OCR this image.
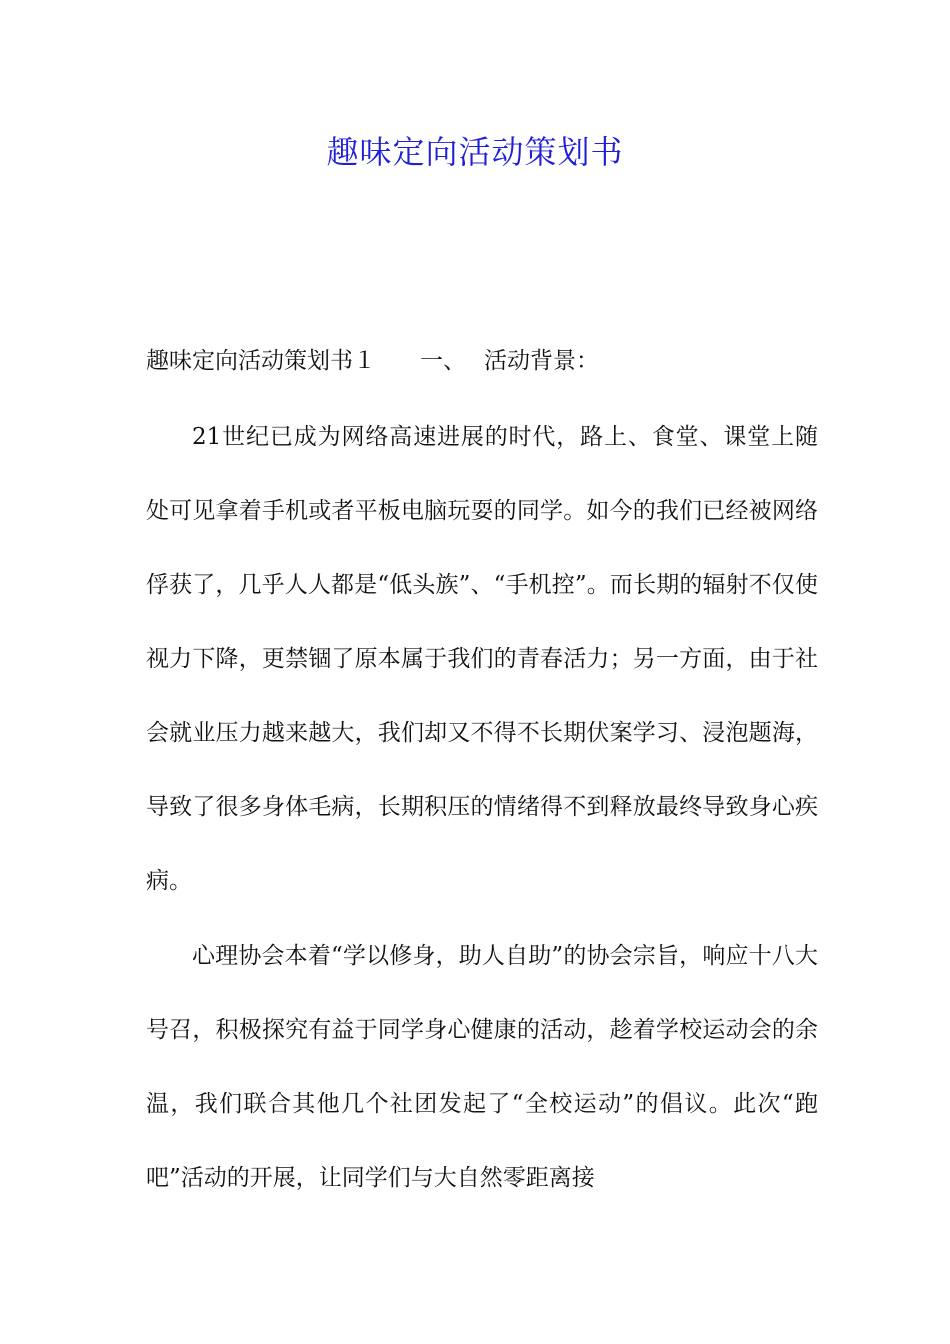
趣味定向活动策划书
趣味定向活动策划书１ 一、 活动背景：

21世纪已成为网络高速进展的时代，路上、食堂、课堂上随处可见拿着手机或者平板电脑玩耍的同学。如今的我们已经被网络俘获了，几乎人人都是“低头族”、“手机控”。而长期的辐射不仅使视力下降，更禁锢了原本属于我们的青春活力；另一方面，由于社会就业压力越来越大，我们却又不得不长期伏案学习、浸泡题海，导致了很多身体毛病，长期积压的情绪得不到释放最终导致身心疾病。

心理协会本着“学以修身，助人自助”的协会宗旨，响应十八大号召，积极探究有益于同学身心健康的活动，趁着学校运动会的余温，我们联合其他几个社团发起了“全校运动”的倡议。此次“跑吧”活动的开展，让同学们与大自然零距离接
